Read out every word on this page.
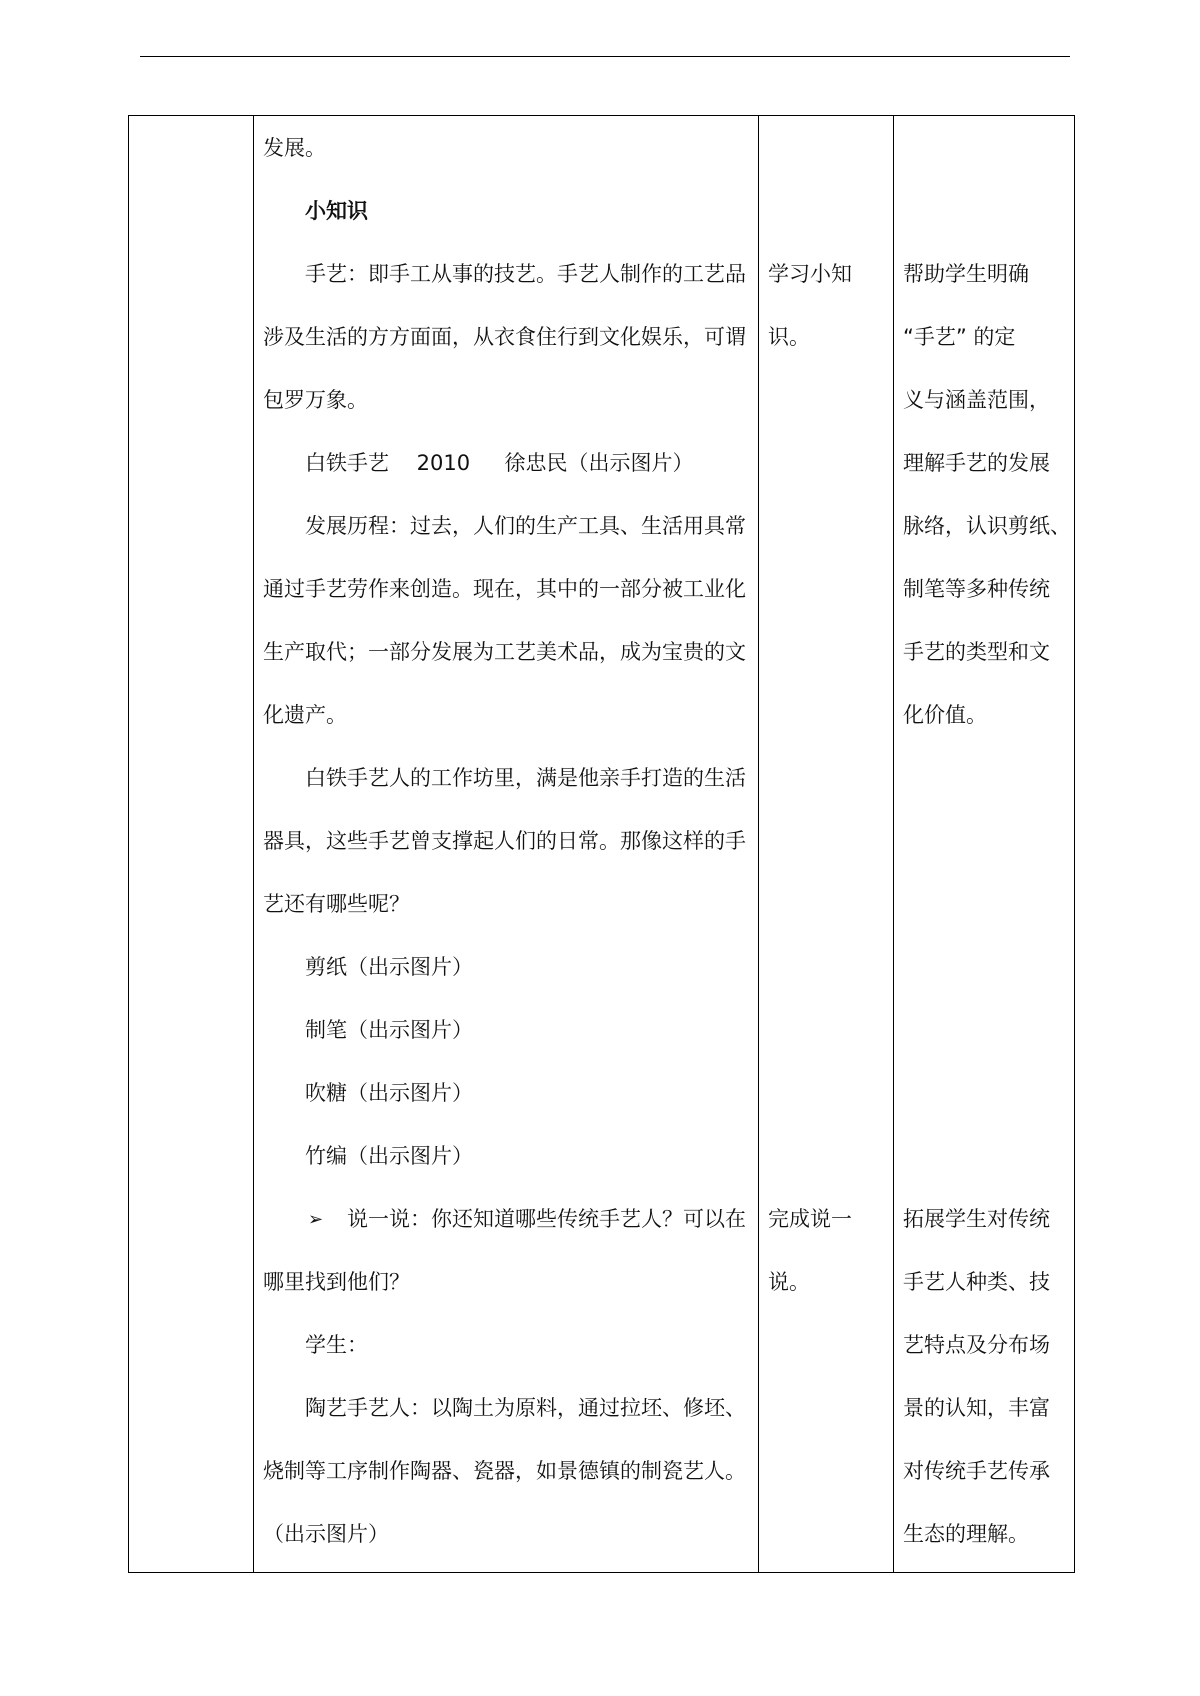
发展。
小知识
手艺：即手工从事的技艺。手艺人制作的工艺品
涉及生活的方方面面，从衣食住行到文化娱乐，可谓
包罗万象。
白铁手艺　 2010 　 徐忠民（出示图片）
发展历程：过去，人们的生产工具、生活用具常
通过手艺劳作来创造。现在，其中的一部分被工业化
生产取代；一部分发展为工艺美术品，成为宝贵的文
化遗产。
白铁手艺人的工作坊里，满是他亲手打造的生活
器具，这些手艺曾支撑起人们的日常。那像这样的手
艺还有哪些呢？
剪纸（出示图片）
制笔（出示图片）
吹糖（出示图片）
竹编（出示图片）
➢ 说一说：你还知道哪些传统手艺人？可以在
哪里找到他们？
学生：
陶艺手艺人：以陶土为原料，通过拉坯、修坯、
烧制等工序制作陶器、瓷器，如景德镇的制瓷艺人。
（出示图片）
学习小知
识。
完成说一
说。
帮助学生明确
“手艺” 的定
义与涵盖范围，
理解手艺的发展
脉络，认识剪纸、
制笔等多种传统
手艺的类型和文
化价值。
拓展学生对传统
手艺人种类、技
艺特点及分布场
景的认知，丰富
对传统手艺传承
生态的理解。
